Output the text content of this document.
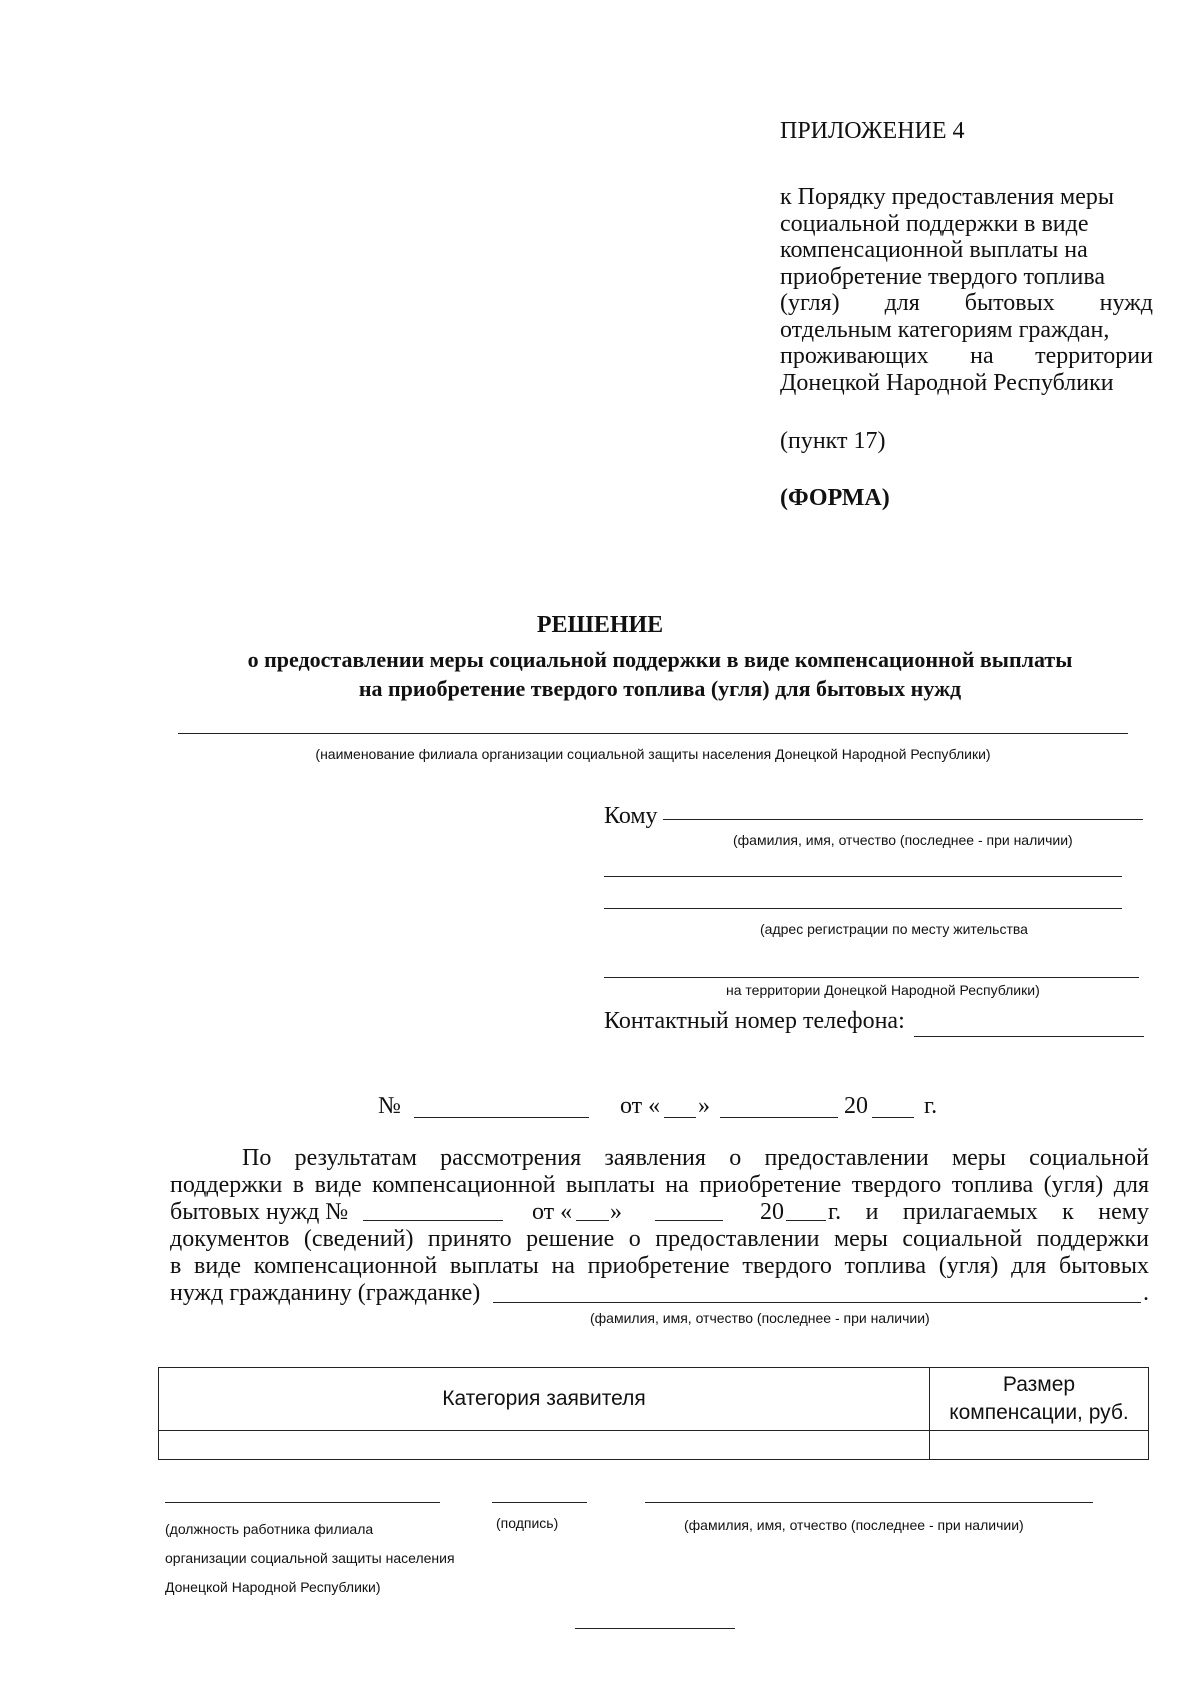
ПРИЛОЖЕНИЕ 4
к Порядку предоставления меры
социальной поддержки в виде
компенсационной выплаты на
приобретение твердого топлива
(угля) для бытовых нужд
отдельным категориям граждан,
проживающих на территории
Донецкой Народной Республики
(пункт 17)
(ФОРМА)
РЕШЕНИЕ
о предоставлении меры социальной поддержки в виде компенсационной выплаты
на приобретение твердого топлива (угля) для бытовых нужд
(наименование филиала организации социальной защиты населения Донецкой Народной Республики)
Кому
(фамилия, имя, отчество (последнее - при наличии)
(адрес регистрации по месту жительства
на территории Донецкой Народной Республики)
Контактный номер телефона:
№	от « »	20 г.
По результатам рассмотрения заявления о предоставлении меры социальной
поддержки в виде компенсационной выплаты на приобретение твердого топлива (угля) для
бытовых нужд №	от « »	20 г. и прилагаемых к нему
документов (сведений) принято решение о предоставлении меры социальной поддержки
в виде компенсационной выплаты на приобретение твердого топлива (угля) для бытовых
нужд гражданину (гражданке)	.
(фамилия, имя, отчество (последнее - при наличии)
Категория заявителя	Размер
компенсации, руб.

(должность работника филиала
организации социальной защиты населения
Донецкой Народной Республики)
(подпись)	(фамилия, имя, отчество (последнее - при наличии)
